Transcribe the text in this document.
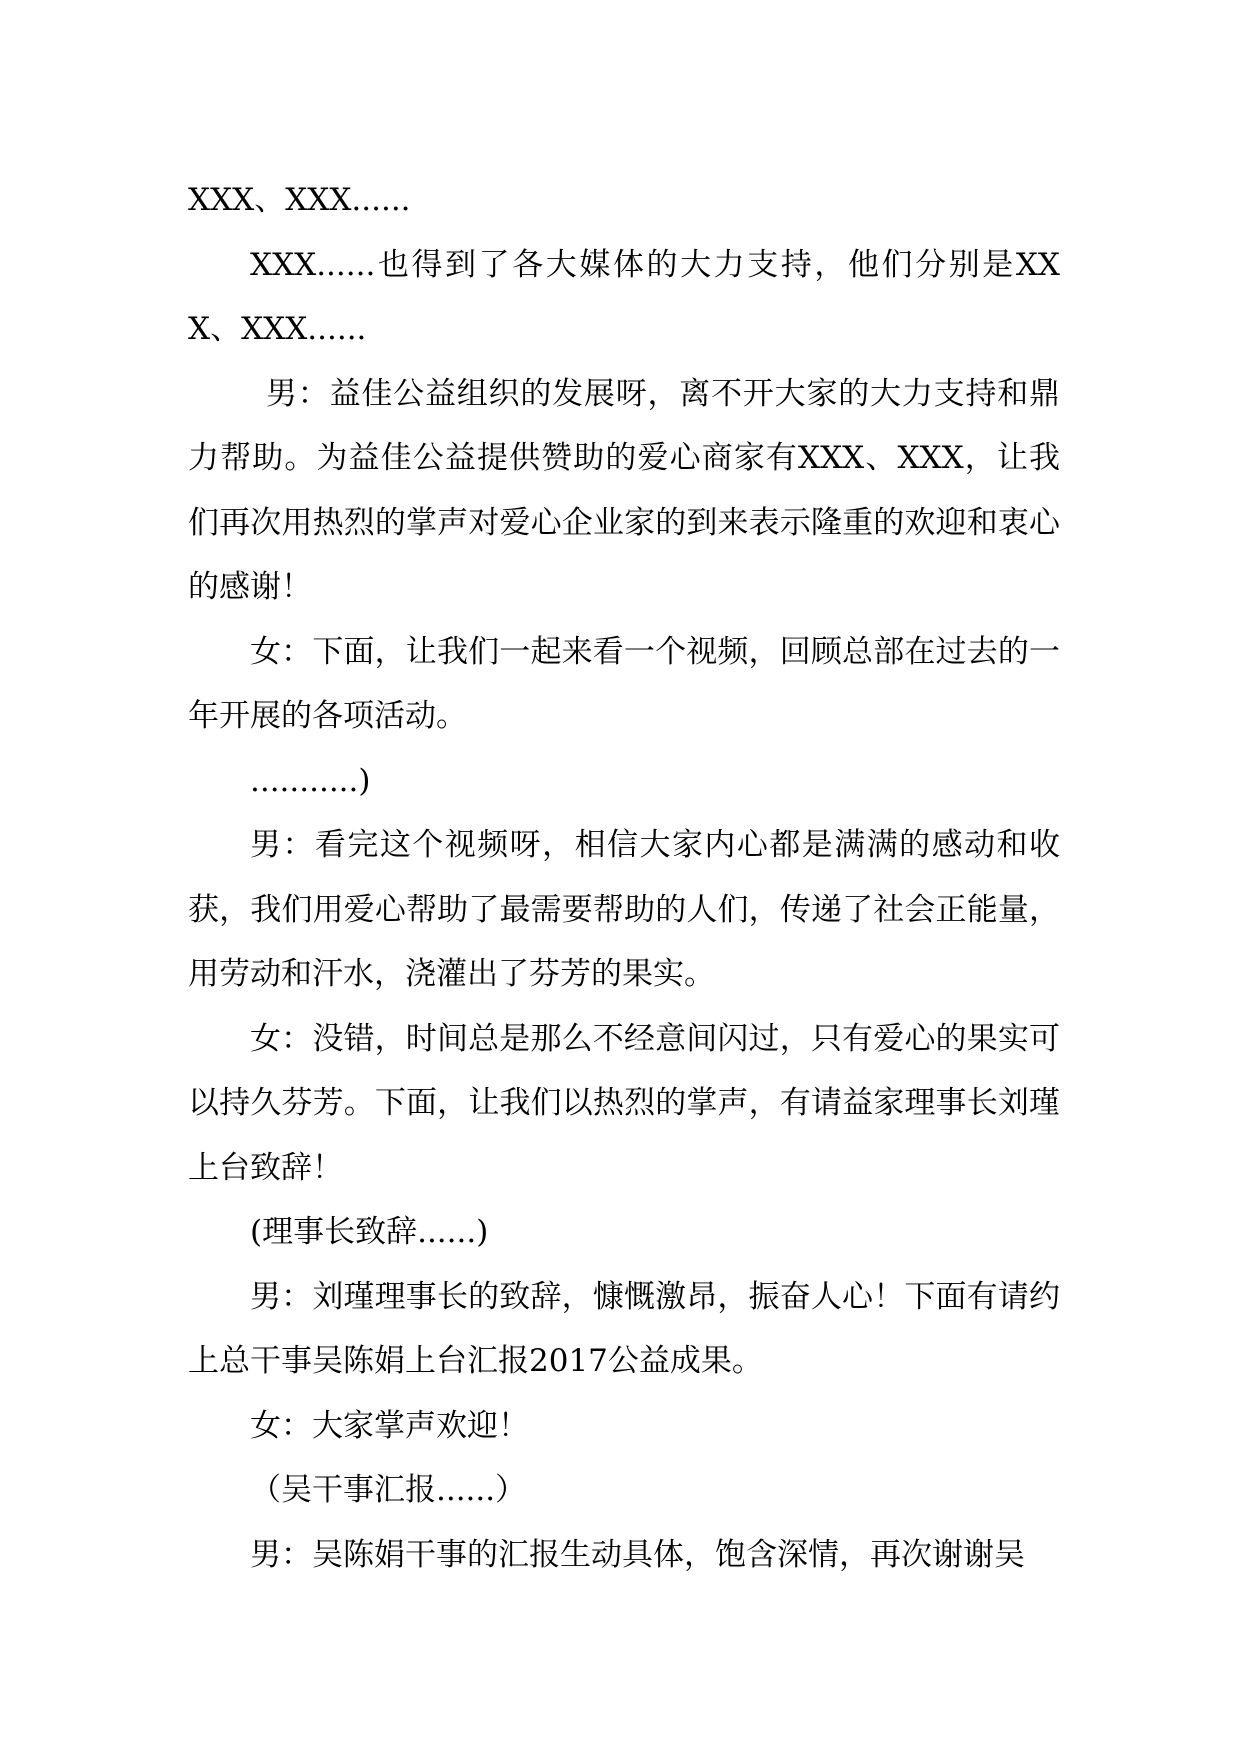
XXX、XXX......

XXX......也得到了各大媒体的大力支持，他们分别是XXX、XXX......

男：益佳公益组织的发展呀，离不开大家的大力支持和鼎力帮助。为益佳公益提供赞助的爱心商家有XXX、XXX，让我们再次用热烈的掌声对爱心企业家的到来表示隆重的欢迎和衷心的感谢！

女：下面，让我们一起来看一个视频，回顾总部在过去的一年开展的各项活动。

...........)

男：看完这个视频呀，相信大家内心都是满满的感动和收获，我们用爱心帮助了最需要帮助的人们，传递了社会正能量，用劳动和汗水，浇灌出了芬芳的果实。

女：没错，时间总是那么不经意间闪过，只有爱心的果实可以持久芬芳。下面，让我们以热烈的掌声，有请益家理事长刘瑾上台致辞！

(理事长致辞......)

男：刘瑾理事长的致辞，慷慨激昂，振奋人心！下面有请约上总干事吴陈娟上台汇报2017公益成果。

女：大家掌声欢迎！

（吴干事汇报......）

男：吴陈娟干事的汇报生动具体，饱含深情，再次谢谢吴
